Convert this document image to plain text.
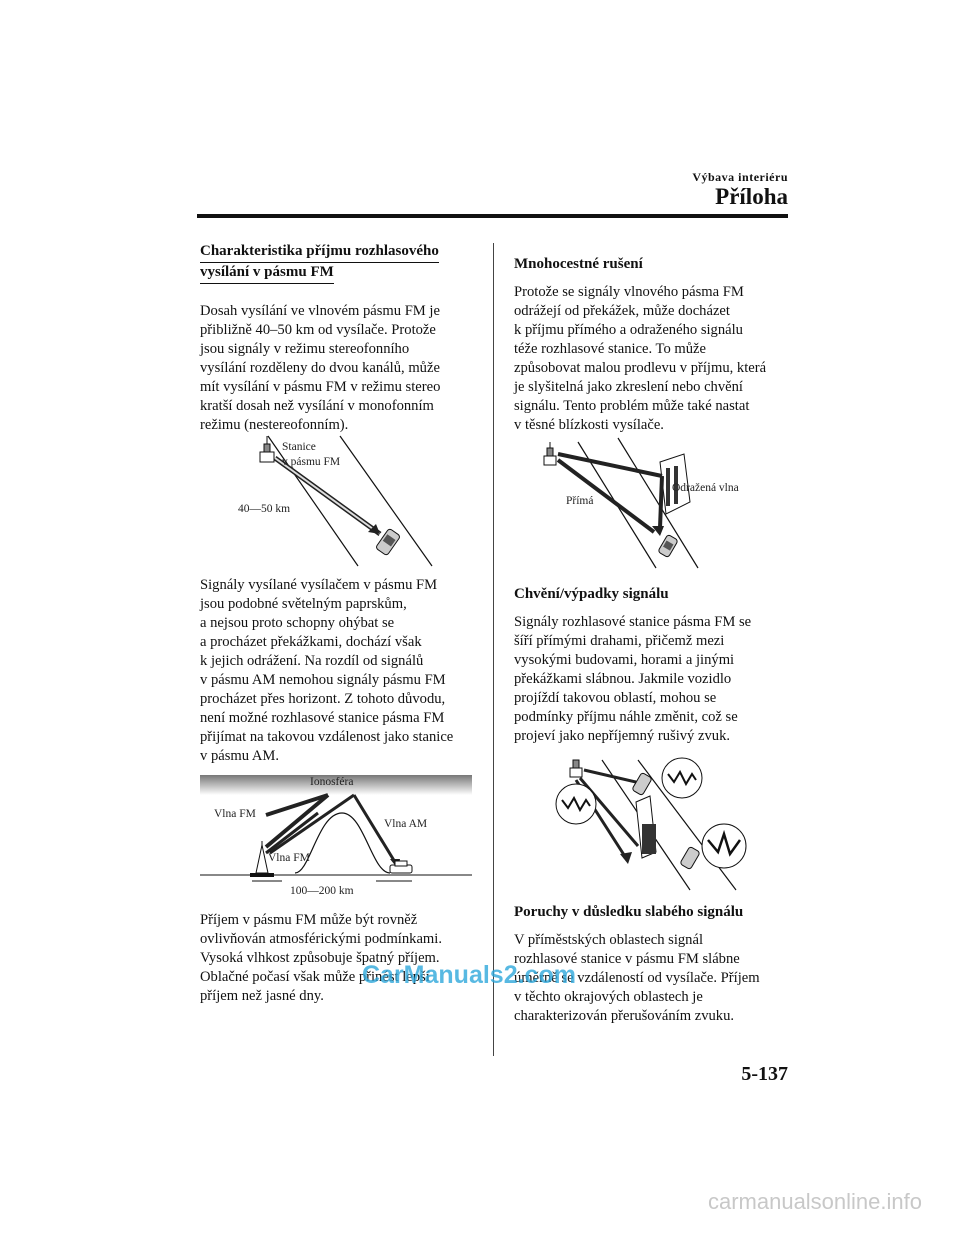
Výbava interiéru
Příloha
Charakteristika příjmu rozhlasového
vysílání v pásmu FM
Dosah vysílání ve vlnovém pásmu FM je
přibližně 40–50 km od vysílače. Protože
jsou signály v režimu stereofonního
vysílání rozděleny do dvou kanálů, může
mít vysílání v pásmu FM v režimu stereo
kratší dosah než vysílání v monofonním
režimu (nestereofonním).
Stanice
v pásmu FM
40—50 km
Signály vysílané vysílačem v pásmu FM
jsou podobné světelným paprskům,
a nejsou proto schopny ohýbat se
a procházet překážkami, dochází však
k jejich odrážení. Na rozdíl od signálů
v pásmu AM nemohou signály pásmu FM
procházet přes horizont. Z tohoto důvodu,
není možné rozhlasové stanice pásma FM
přijímat na takovou vzdálenost jako stanice
v pásmu AM.
Ionosféra
Vlna FM
Vlna AM
Vlna FM
100—200 km
Příjem v pásmu FM může být rovněž
ovlivňován atmosférickými podmínkami.
Vysoká vlhkost způsobuje špatný příjem.
Oblačné počasí však může přinést lepší
příjem než jasné dny.
Mnohocestné rušení
Protože se signály vlnového pásma FM
odrážejí od překážek, může docházet
k příjmu přímého a odraženého signálu
téže rozhlasové stanice. To může
způsobovat malou prodlevu v příjmu, která
je slyšitelná jako zkreslení nebo chvění
signálu. Tento problém může také nastat
v těsné blízkosti vysílače.
Odražená vlna
Přímá
Chvění/výpadky signálu
Signály rozhlasové stanice pásma FM se
šíří přímými drahami, přičemž mezi
vysokými budovami, horami a jinými
překážkami slábnou. Jakmile vozidlo
projíždí takovou oblastí, mohou se
podmínky příjmu náhle změnit, což se
projeví jako nepříjemný rušivý zvuk.
Poruchy v důsledku slabého signálu
V příměstských oblastech signál
rozhlasové stanice v pásmu FM slábne
úměrně se vzdáleností od vysílače. Příjem
v těchto okrajových oblastech je
charakterizován přerušováním zvuku.
5-137
CarManuals2.com
carmanualsonline.info
